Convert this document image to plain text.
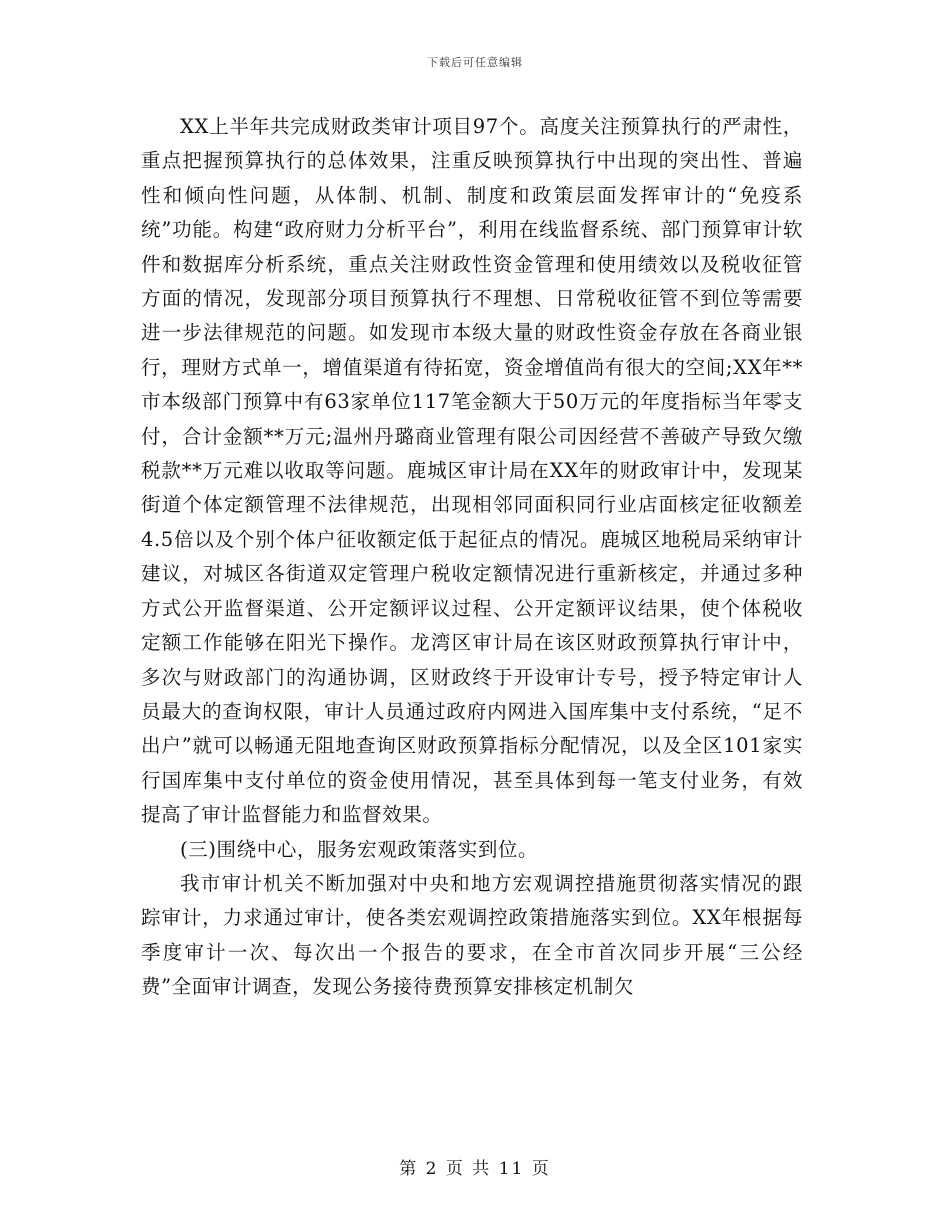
下载后可任意编辑

XX上半年共完成财政类审计项目97个。高度关注预算执行的严肃性，重点把握预算执行的总体效果，注重反映预算执行中出现的突出性、普遍性和倾向性问题，从体制、机制、制度和政策层面发挥审计的“免疫系统”功能。构建“政府财力分析平台”，利用在线监督系统、部门预算审计软件和数据库分析系统，重点关注财政性资金管理和使用绩效以及税收征管方面的情况，发现部分项目预算执行不理想、日常税收征管不到位等需要进一步法律规范的问题。如发现市本级大量的财政性资金存放在各商业银行，理财方式单一，增值渠道有待拓宽，资金增值尚有很大的空间;XX年**市本级部门预算中有63家单位117笔金额大于50万元的年度指标当年零支付，合计金额**万元;温州丹璐商业管理有限公司因经营不善破产导致欠缴税款**万元难以收取等问题。鹿城区审计局在XX年的财政审计中，发现某街道个体定额管理不法律规范，出现相邻同面积同行业店面核定征收额差4.5倍以及个别个体户征收额定低于起征点的情况。鹿城区地税局采纳审计建议，对城区各街道双定管理户税收定额情况进行重新核定，并通过多种方式公开监督渠道、公开定额评议过程、公开定额评议结果，使个体税收定额工作能够在阳光下操作。龙湾区审计局在该区财政预算执行审计中，多次与财政部门的沟通协调，区财政终于开设审计专号，授予特定审计人员最大的查询权限，审计人员通过政府内网进入国库集中支付系统，“足不出户”就可以畅通无阻地查询区财政预算指标分配情况，以及全区101家实行国库集中支付单位的资金使用情况，甚至具体到每一笔支付业务，有效提高了审计监督能力和监督效果。

(三)围绕中心，服务宏观政策落实到位。

我市审计机关不断加强对中央和地方宏观调控措施贯彻落实情况的跟踪审计，力求通过审计，使各类宏观调控政策措施落实到位。XX年根据每季度审计一次、每次出一个报告的要求，在全市首次同步开展“三公经费”全面审计调查，发现公务接待费预算安排核定机制欠

第 2 页 共 11 页
